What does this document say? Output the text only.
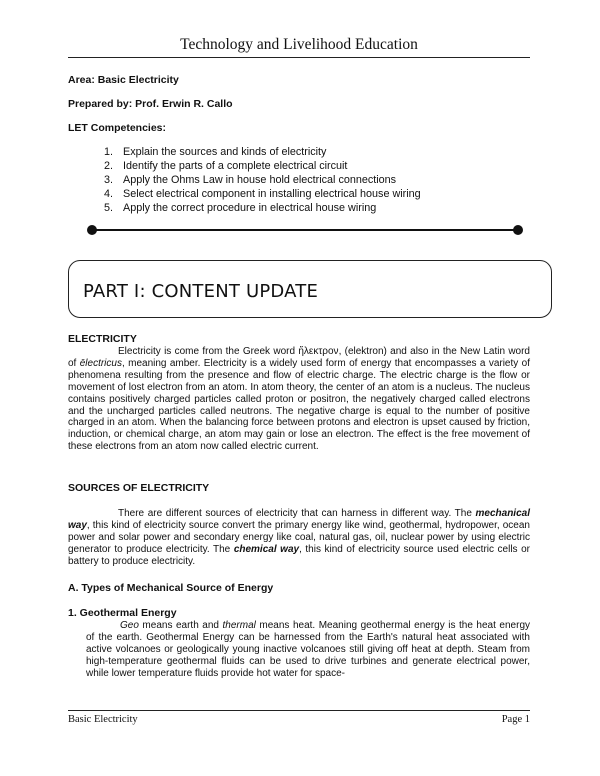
Technology and Livelihood Education
Area: Basic Electricity
Prepared by: Prof. Erwin R. Callo
LET Competencies:
1. Explain the sources and kinds of electricity
2. Identify the parts of a complete electrical circuit
3. Apply the Ohms Law in house hold electrical connections
4. Select electrical component in installing electrical house wiring
5. Apply the correct procedure in electrical house wiring
PART I: CONTENT UPDATE
ELECTRICITY

Electricity is come from the Greek word ἤλεκτρον, (elektron) and also in the New Latin word of ēlectricus, meaning amber. Electricity is a widely used form of energy that encompasses a variety of phenomena resulting from the presence and flow of electric charge. The electric charge is the flow or movement of lost electron from an atom. In atom theory, the center of an atom is a nucleus. The nucleus contains positively charged particles called proton or positron, the negatively charged called electrons and the uncharged particles called neutrons. The negative charge is equal to the number of positive charged in an atom. When the balancing force between protons and electron is upset caused by friction, induction, or chemical charge, an atom may gain or lose an electron. The effect is the free movement of these electrons from an atom now called electric current.

SOURCES OF ELECTRICITY

There are different sources of electricity that can harness in different way. The mechanical way, this kind of electricity source convert the primary energy like wind, geothermal, hydropower, ocean power and solar power and secondary energy like coal, natural gas, oil, nuclear power by using electric generator to produce electricity. The chemical way, this kind of electricity source used electric cells or battery to produce electricity.

A. Types of Mechanical Source of Energy
1. Geothermal Energy
Geo means earth and thermal means heat. Meaning geothermal energy is the heat energy of the earth. Geothermal Energy can be harnessed from the Earth's natural heat associated with active volcanoes or geologically young inactive volcanoes still giving off heat at depth. Steam from high-temperature geothermal fluids can be used to drive turbines and generate electrical power, while lower temperature fluids provide hot water for space-
Basic Electricity	Page 1
